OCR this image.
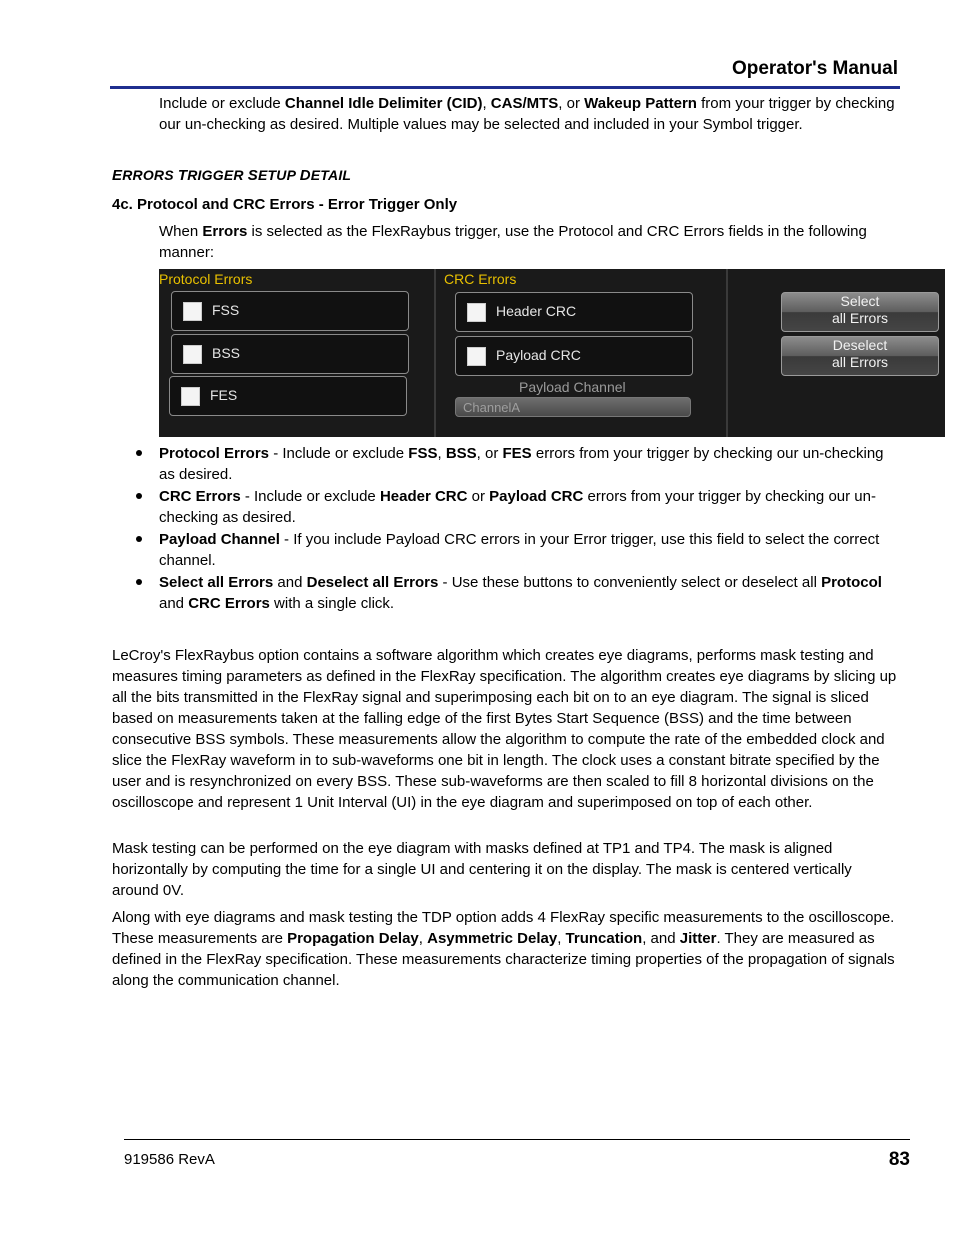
Operator's Manual
Include or exclude Channel Idle Delimiter (CID), CAS/MTS, or Wakeup Pattern from your trigger by checking our un-checking as desired. Multiple values may be selected and included in your Symbol trigger.
ERRORS TRIGGER SETUP DETAIL
4c. Protocol and CRC Errors - Error Trigger Only
When Errors is selected as the FlexRaybus trigger, use the Protocol and CRC Errors fields in the following manner:
Protocol Errors	CRC Errors
FSS
BSS
FES
Header CRC
Payload CRC
Payload Channel
ChannelA
Select
all Errors
Deselect
all Errors
Protocol Errors - Include or exclude FSS, BSS, or FES errors from your trigger by checking our un-checking as desired.
CRC Errors - Include or exclude Header CRC or Payload CRC errors from your trigger by checking our un-checking as desired.
Payload Channel - If you include Payload CRC errors in your Error trigger, use this field to select the correct channel.
Select all Errors and Deselect all Errors - Use these buttons to conveniently select or deselect all Protocol and CRC Errors with a single click.
LeCroy's FlexRaybus option contains a software algorithm which creates eye diagrams, performs mask testing and measures timing parameters as defined in the FlexRay specification. The algorithm creates eye diagrams by slicing up all the bits transmitted in the FlexRay signal and superimposing each bit on to an eye diagram. The signal is sliced based on measurements taken at the falling edge of the first Bytes Start Sequence (BSS) and the time between consecutive BSS symbols. These measurements allow the algorithm to compute the rate of the embedded clock and slice the FlexRay waveform in to sub-waveforms one bit in length. The clock uses a constant bitrate specified by the user and is resynchronized on every BSS. These sub-waveforms are then scaled to fill 8 horizontal divisions on the oscilloscope and represent 1 Unit Interval (UI) in the eye diagram and superimposed on top of each other.
Mask testing can be performed on the eye diagram with masks defined at TP1 and TP4. The mask is aligned horizontally by computing the time for a single UI and centering it on the display. The mask is centered vertically around 0V.
Along with eye diagrams and mask testing the TDP option adds 4 FlexRay specific measurements to the oscilloscope. These measurements are Propagation Delay, Asymmetric Delay, Truncation, and Jitter. They are measured as defined in the FlexRay specification. These measurements characterize timing properties of the propagation of signals along the communication channel.
919586 RevA	83
